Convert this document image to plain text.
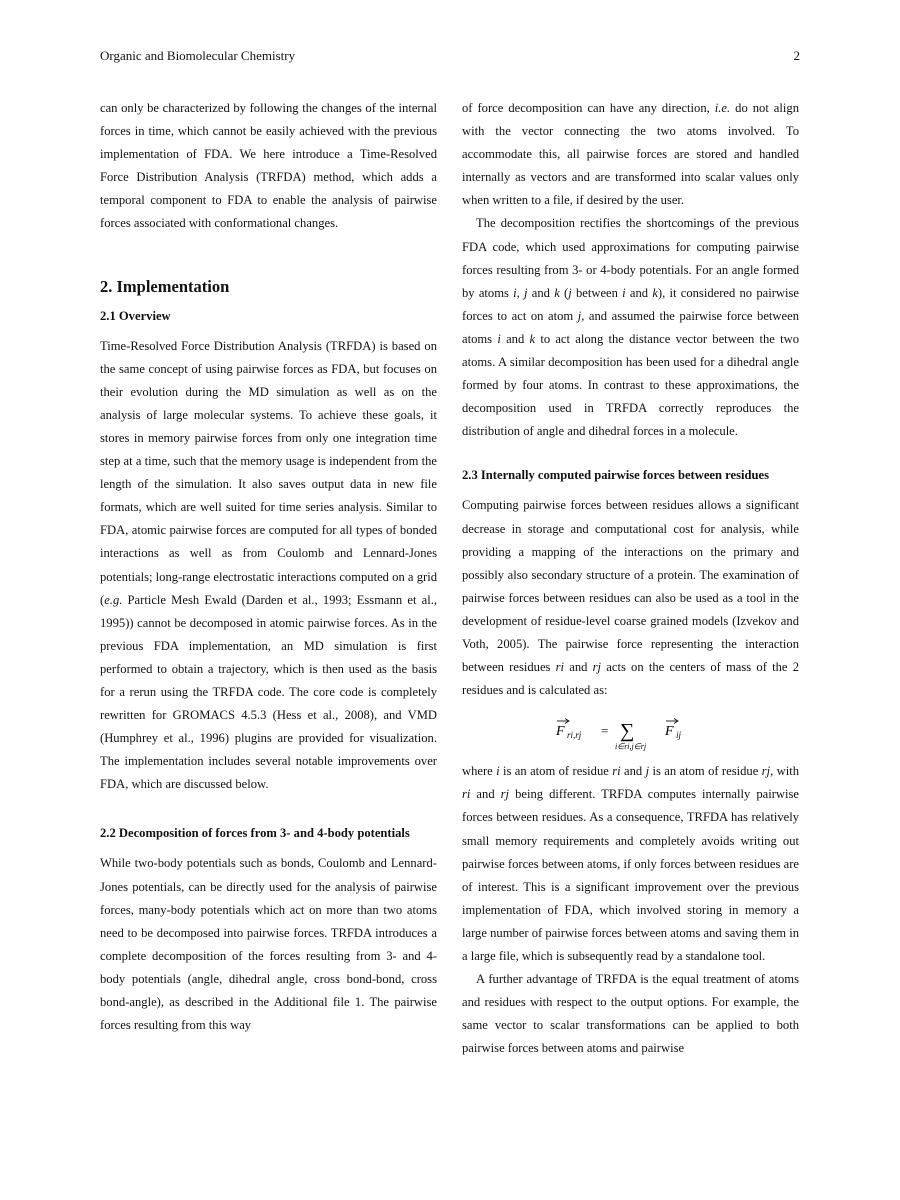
Organic and Biomolecular Chemistry	2

can only be characterized by following the changes of the internal forces in time, which cannot be easily achieved with the previous implementation of FDA. We here introduce a Time-Resolved Force Distribution Analysis (TRFDA) method, which adds a temporal component to FDA to enable the analysis of pairwise forces associated with conformational changes.

2. Implementation
2.1 Overview

Time-Resolved Force Distribution Analysis (TRFDA) is based on the same concept of using pairwise forces as FDA, but focuses on their evolution during the MD simulation as well as on the analysis of large molecular systems. To achieve these goals, it stores in memory pairwise forces from only one integration time step at a time, such that the memory usage is independent from the length of the simulation. It also saves output data in new file formats, which are well suited for time series analysis. Similar to FDA, atomic pairwise forces are computed for all types of bonded interactions as well as from Coulomb and Lennard-Jones potentials; long-range electrostatic interactions computed on a grid (e.g. Particle Mesh Ewald (Darden et al., 1993; Essmann et al., 1995)) cannot be decomposed in atomic pairwise forces. As in the previous FDA implementation, an MD simulation is first performed to obtain a trajectory, which is then used as the basis for a rerun using the TRFDA code. The core code is completely rewritten for GROMACS 4.5.3 (Hess et al., 2008), and VMD (Humphrey et al., 1996) plugins are provided for visualization. The implementation includes several notable improvements over FDA, which are discussed below.

2.2 Decomposition of forces from 3- and 4-body potentials

While two-body potentials such as bonds, Coulomb and Lennard-Jones potentials, can be directly used for the analysis of pairwise forces, many-body potentials which act on more than two atoms need to be decomposed into pairwise forces. TRFDA introduces a complete decomposition of the forces resulting from 3- and 4-body potentials (angle, dihedral angle, cross bond-bond, cross bond-angle), as described in the Additional file 1. The pairwise forces resulting from this way

of force decomposition can have any direction, i.e. do not align with the vector connecting the two atoms involved. To accommodate this, all pairwise forces are stored and handled internally as vectors and are transformed into scalar values only when written to a file, if desired by the user.

The decomposition rectifies the shortcomings of the previous FDA code, which used approximations for computing pairwise forces resulting from 3- or 4-body potentials. For an angle formed by atoms i, j and k (j between i and k), it considered no pairwise forces to act on atom j, and assumed the pairwise force between atoms i and k to act along the distance vector between the two atoms. A similar decomposition has been used for a dihedral angle formed by four atoms. In contrast to these approximations, the decomposition used in TRFDA correctly reproduces the distribution of angle and dihedral forces in a molecule.

2.3 Internally computed pairwise forces between residues

Computing pairwise forces between residues allows a significant decrease in storage and computational cost for analysis, while providing a mapping of the interactions on the primary and possibly also secondary structure of a protein. The examination of pairwise forces between residues can also be used as a tool in the development of residue-level coarse grained models (Izvekov and Voth, 2005). The pairwise force representing the interaction between residues ri and rj acts on the centers of mass of the 2 residues and is calculated as:

F ri,rj = ∑
i∈ri,j∈rj
F ij

where i is an atom of residue ri and j is an atom of residue rj, with ri and rj being different. TRFDA computes internally pairwise forces between residues. As a consequence, TRFDA has relatively small memory requirements and completely avoids writing out pairwise forces between atoms, if only forces between residues are of interest. This is a significant improvement over the previous implementation of FDA, which involved storing in memory a large number of pairwise forces between atoms and saving them in a large file, which is subsequently read by a standalone tool.

A further advantage of TRFDA is the equal treatment of atoms and residues with respect to the output options. For example, the same vector to scalar transformations can be applied to both pairwise forces between atoms and pairwise
